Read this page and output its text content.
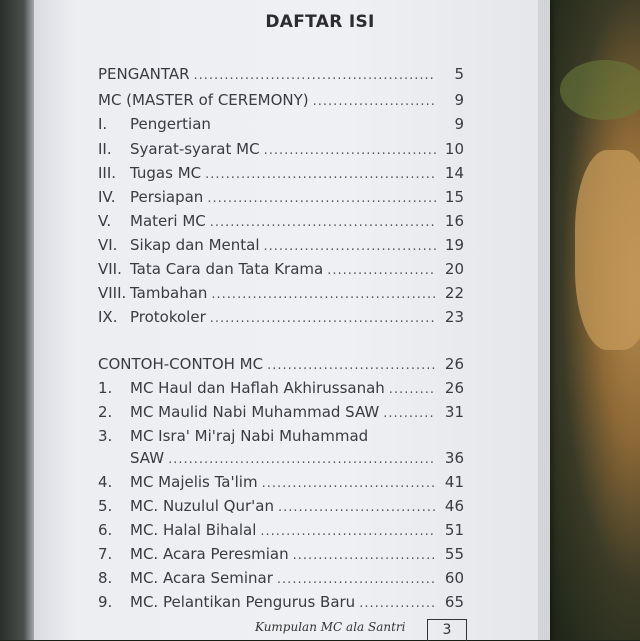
DAFTAR ISI
PENGANTAR .....	5
MC (MASTER of CEREMONY) .....	9
I.	Pengertian	9
II.	Syarat-syarat MC .....	10
III. Tugas MC .....	14
IV. Persiapan .....	15
V.	Materi MC .....	16
VI. Sikap dan Mental .....	19
VII. Tata Cara dan Tata Krama .....	20
VIII. Tambahan .....	22
IX. Protokoler .....	23
CONTOH-CONTOH MC .....	26
1.	MC Haul dan Haflah Akhirussanah .....	26
2.	MC Maulid Nabi Muhammad SAW .....	31
3.	MC Isra' Mi'raj Nabi Muhammad
SAW .....	36
4.	MC Majelis Ta'lim .....	41
5.	MC. Nuzulul Qur'an .....	46
6.	MC. Halal Bihalal .....	51
7.	MC. Acara Peresmian .....	55
8.	MC. Acara Seminar .....	60
9.	MC. Pelantikan Pengurus Baru .....	65
Kumpulan MC ala Santri	3
